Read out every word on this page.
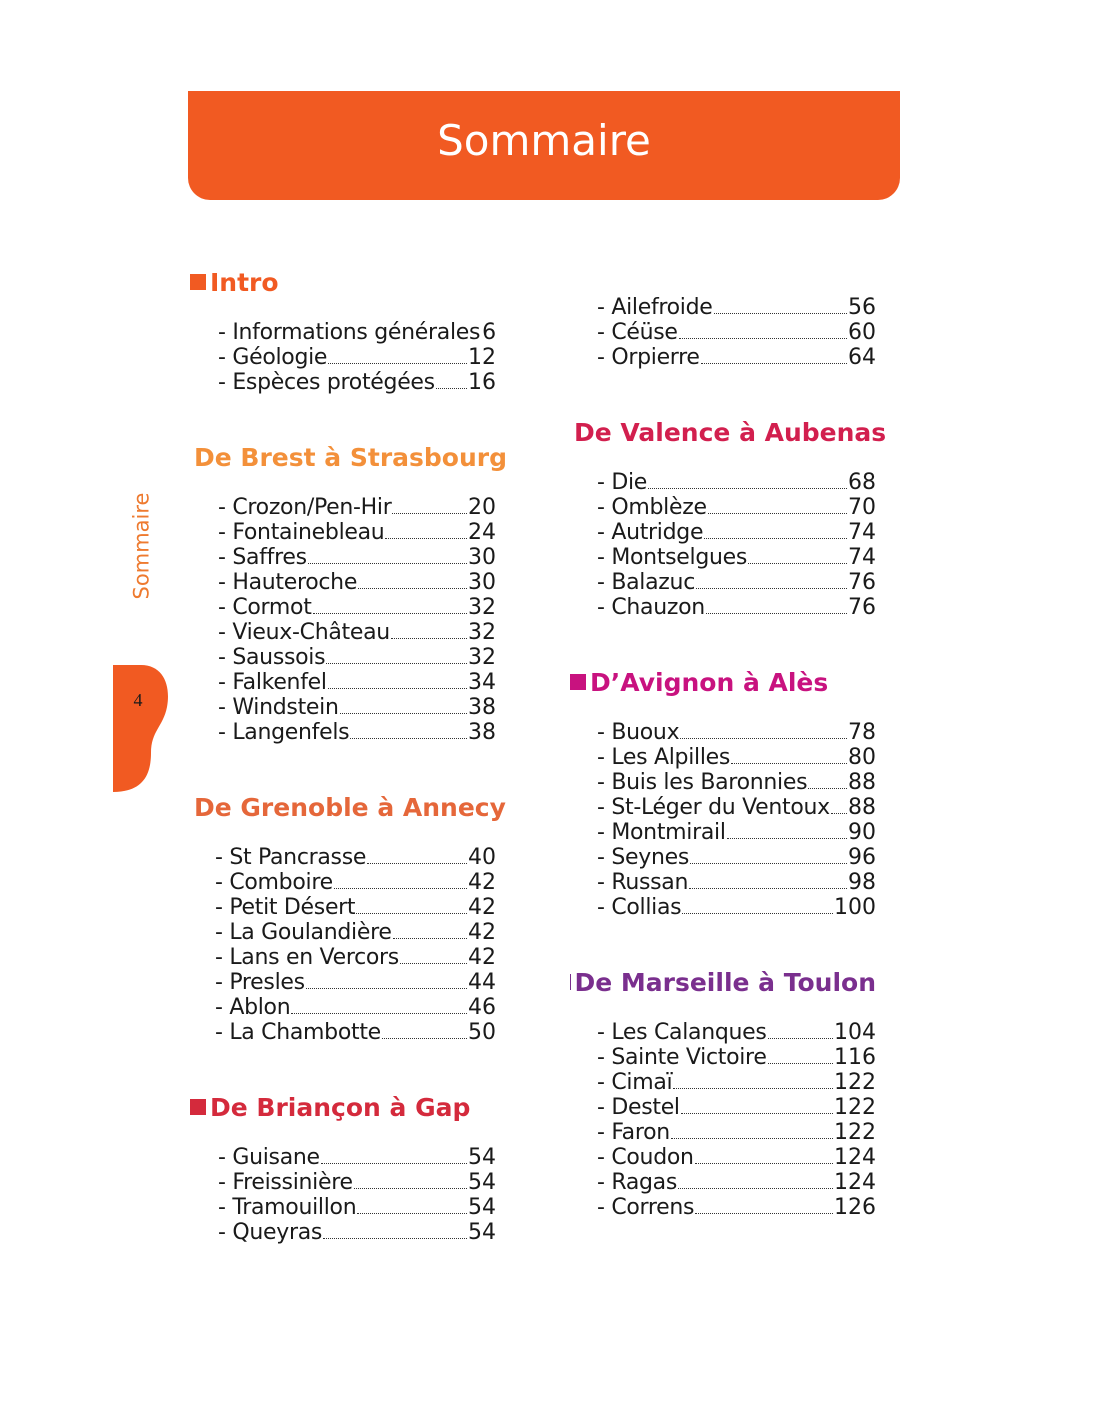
Sommaire
Sommaire
4
Intro
- Informations générales 6
- Géologie	12
- Espèces protégées 16
De Brest à Strasbourg
- Crozon/Pen-Hir	20
- Fontainebleau	24
- Saffres	30
- Hauteroche	30
- Cormot	32
- Vieux-Château	32
- Saussois	32
- Falkenfel	34
- Windstein	38
- Langenfels	38
De Grenoble à Annecy
- St Pancrasse	40
- Comboire	42
- Petit Désert	42
- La Goulandière	42
- Lans en Vercors	42
- Presles	44
- Ablon	46
- La Chambotte	50
De Briançon à Gap
- Guisane	54
- Freissinière	54
- Tramouillon	54
- Queyras	54
- Ailefroide	56
- Céüse	60
- Orpierre	64
De Valence à Aubenas
- Die	68
- Omblèze	70
- Autridge	74
- Montselgues	74
- Balazuc	76
- Chauzon	76
D’Avignon à Alès
- Buoux	78
- Les Alpilles	80
- Buis les Baronnies 88
- St-Léger du Ventoux 88
- Montmirail	90
- Seynes	96
- Russan	98
- Collias	100
De Marseille à Toulon
- Les Calanques	104
- Sainte Victoire	116
- Cimaï	122
- Destel	122
- Faron	122
- Coudon	124
- Ragas	124
- Correns	126
